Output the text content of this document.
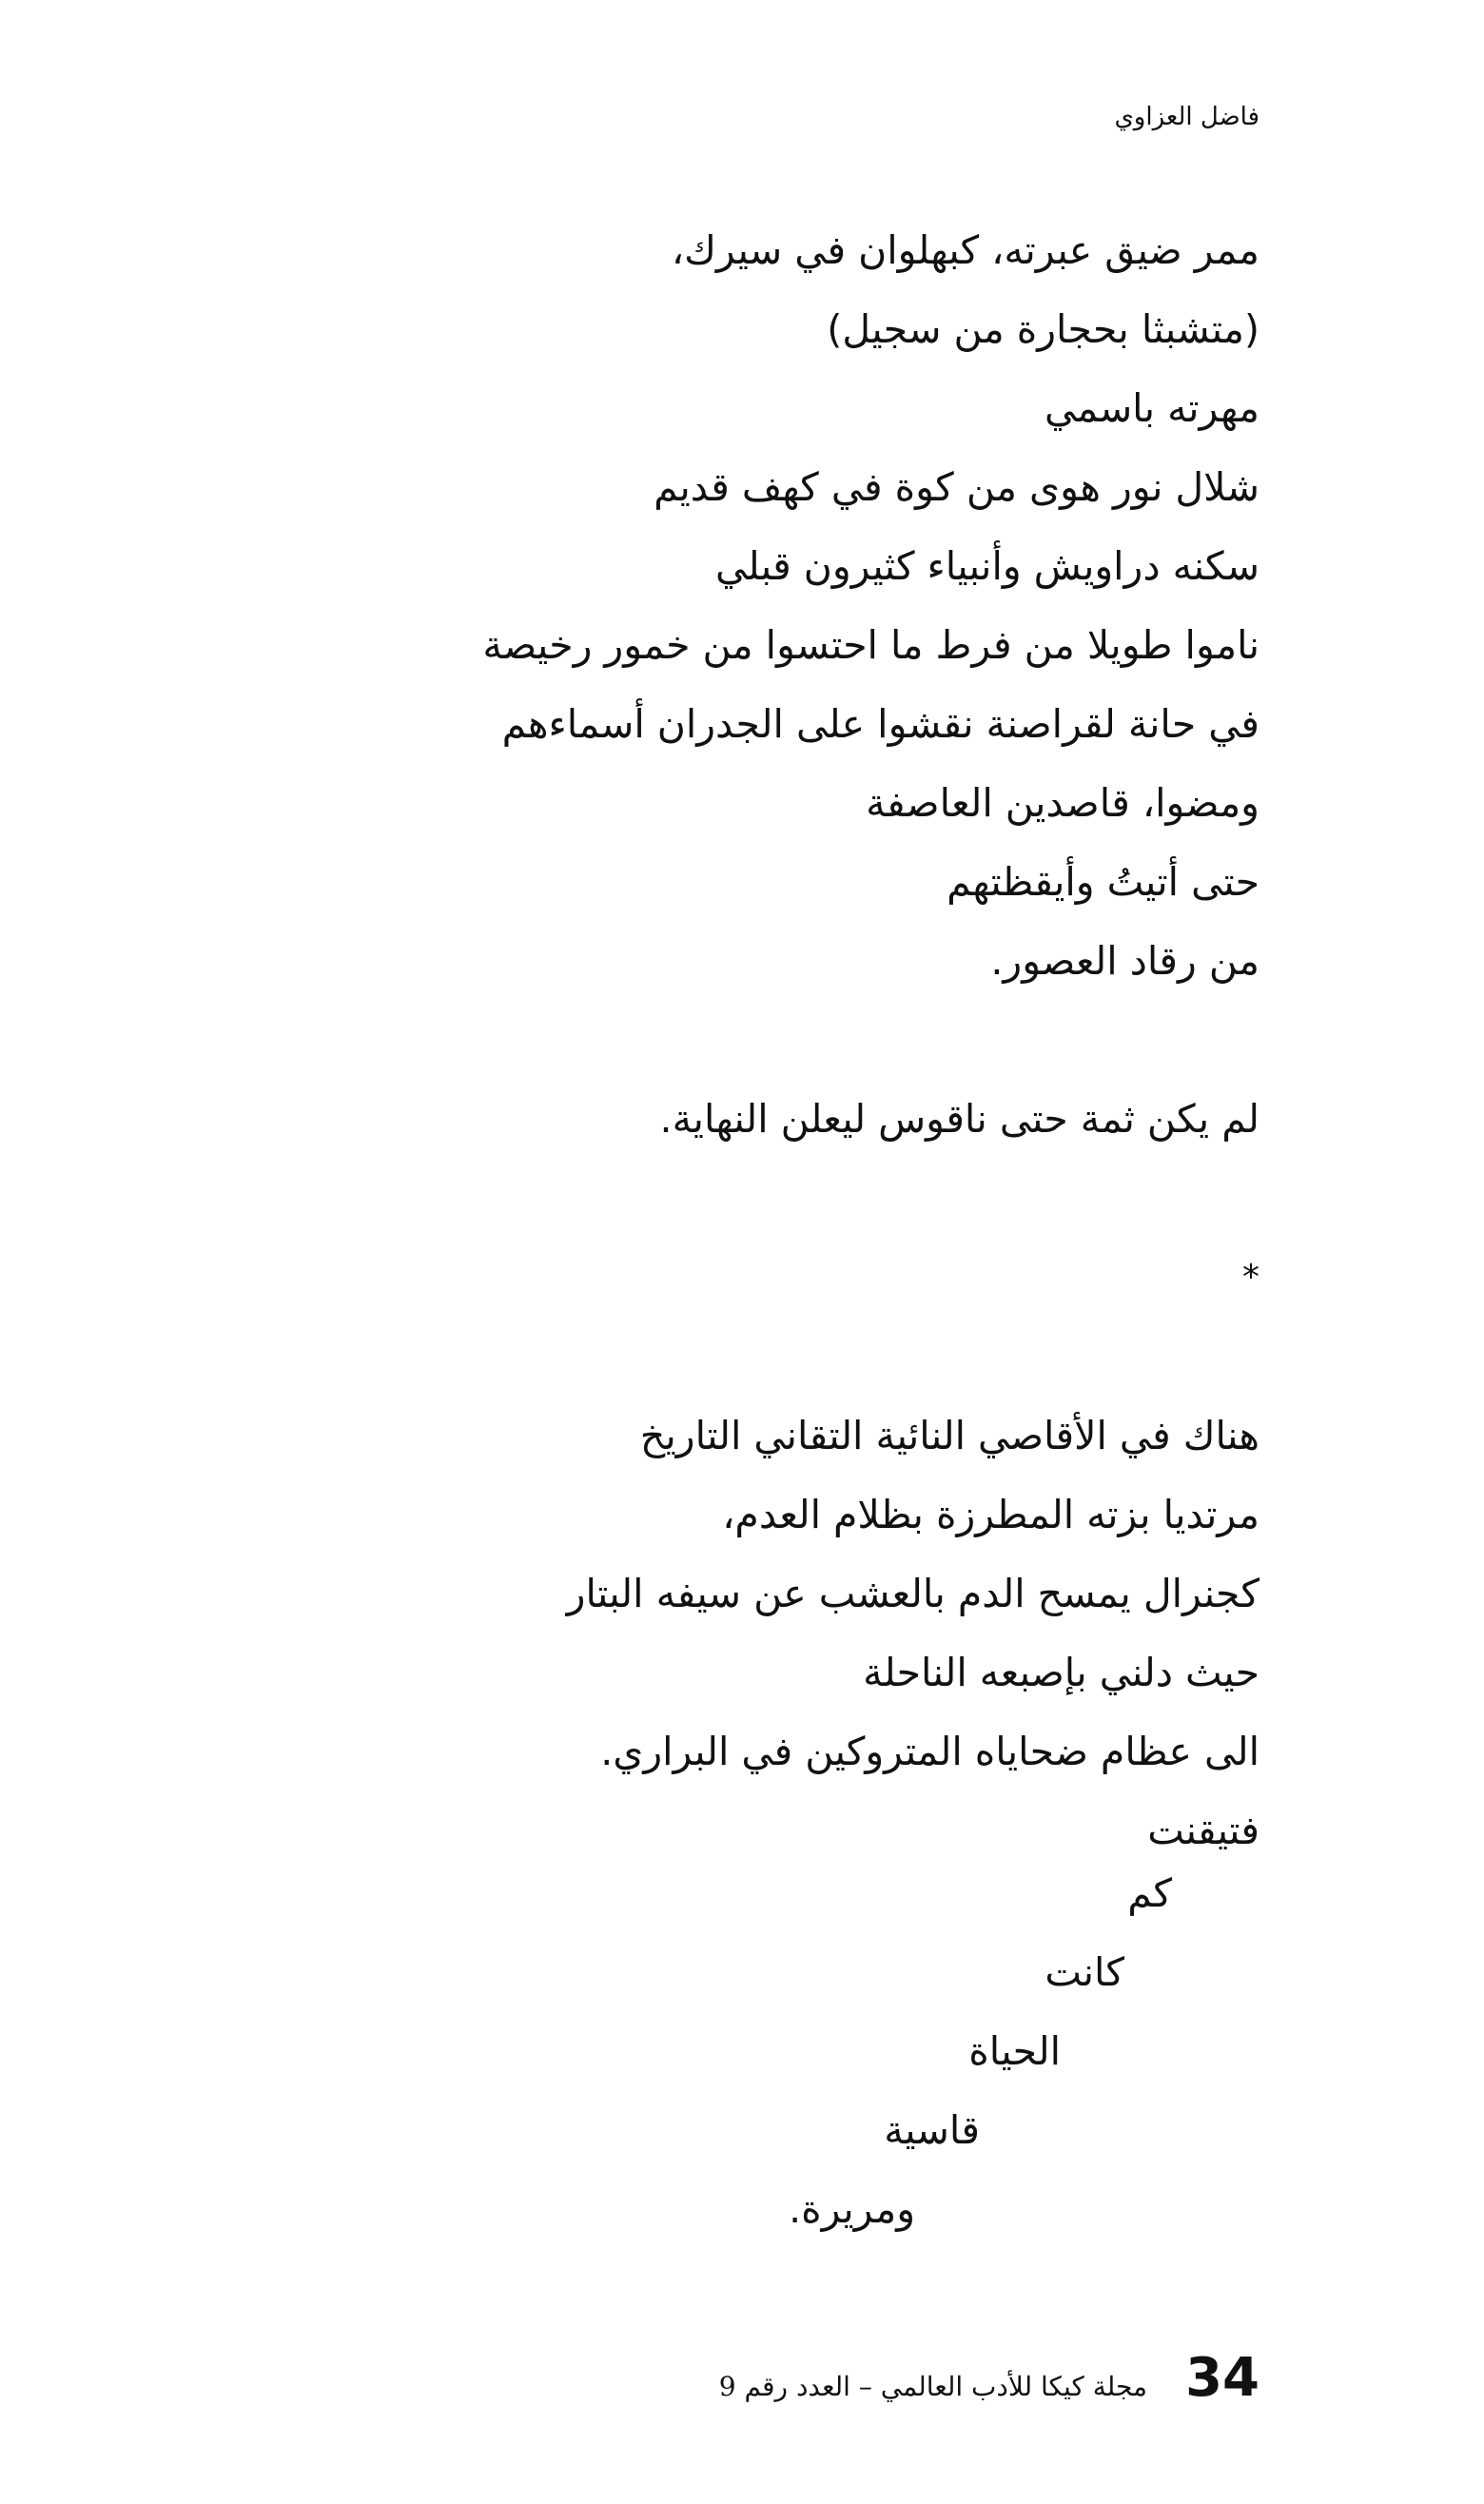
فاضل العزاوي
ممر ضيق عبرته، كبهلوان في سيرك،
(متشبثا بحجارة من سجيل)
مهرته باسمي
شلال نور هوى من كوة في كهف قديم
سكنه دراويش وأنبياء كثيرون قبلي
ناموا طويلا من فرط ما احتسوا من خمور رخيصة
في حانة لقراصنة نقشوا على الجدران أسماءهم
ومضوا، قاصدين العاصفة
حتى أتيتُ وأيقظتهم
من رقاد العصور.
لم يكن ثمة حتى ناقوس ليعلن النهاية.
*
هناك في الأقاصي النائية التقاني التاريخ
مرتديا بزته المطرزة بظلام العدم،
كجنرال يمسح الدم بالعشب عن سيفه البتار
حيث دلني بإصبعه الناحلة
الى عظام ضحاياه المتروكين في البراري.
فتيقنت
كم
كانت
الحياة
قاسية
ومريرة.
34
مجلة كيكا للأدب العالمي – العدد رقم 9
